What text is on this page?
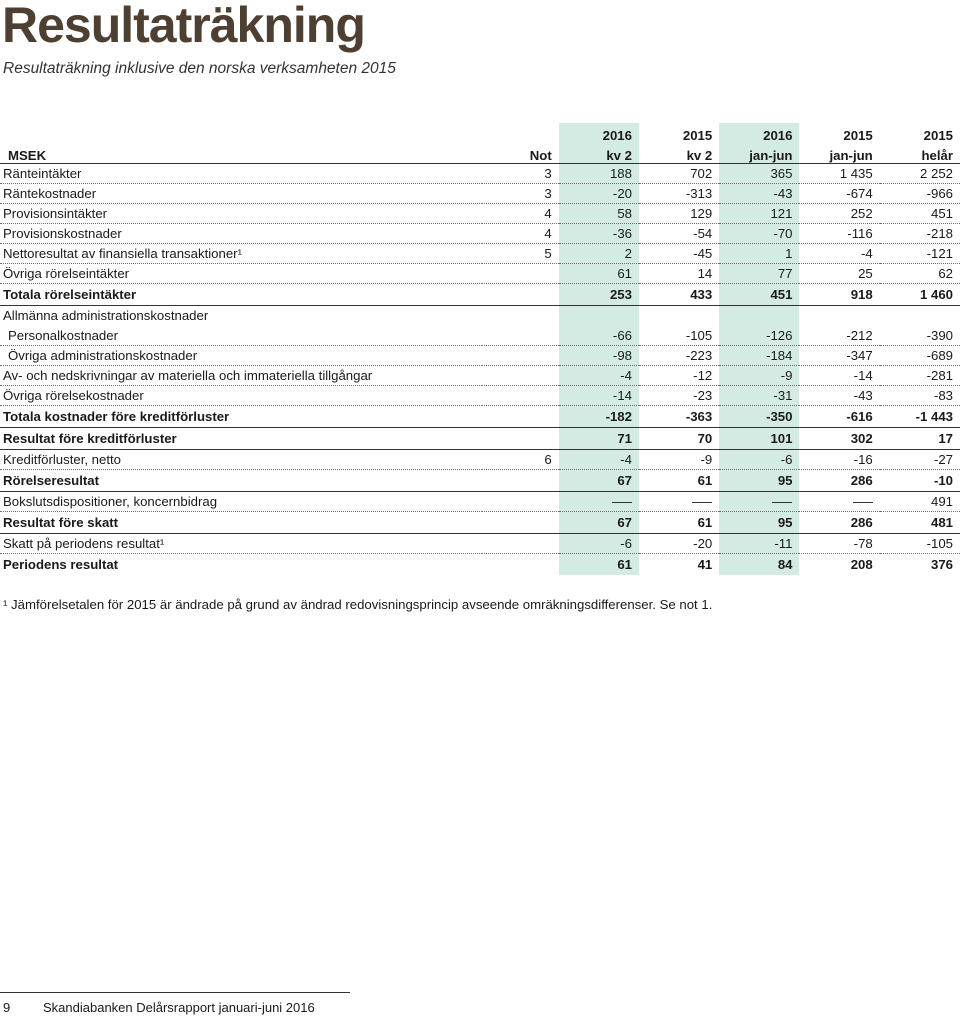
Resultaträkning
Resultaträkning inklusive den norska verksamheten 2015
		2016	2015	2016	2015	2015
MSEK	Not	kv 2	kv 2	jan-jun	jan-jun	helår
Ränteintäkter	3	188	702	365	1 435	2 252
Räntekostnader	3	-20	-313	-43	-674	-966
Provisionsintäkter	4	58	129	121	252	451
Provisionskostnader	4	-36	-54	-70	-116	-218
Nettoresultat av finansiella transaktioner¹	5	2	-45	1	-4	-121
Övriga rörelseintäkter		61	14	77	25	62
Totala rörelseintäkter		253	433	451	918	1 460
Allmänna administrationskostnader						
Personalkostnader		-66	-105	-126	-212	-390
Övriga administrationskostnader		-98	-223	-184	-347	-689
Av- och nedskrivningar av materiella och immateriella tillgångar		-4	-12	-9	-14	-281
Övriga rörelsekostnader		-14	-23	-31	-43	-83
Totala kostnader före kreditförluster		-182	-363	-350	-616	-1 443
Resultat före kreditförluster		71	70	101	302	17
Kreditförluster, netto	6	-4	-9	-6	-16	-27
Rörelseresultat		67	61	95	286	-10
Bokslutsdispositioner, koncernbidrag						491
Resultat före skatt		67	61	95	286	481
Skatt på periodens resultat¹		-6	-20	-11	-78	-105
Periodens resultat		61	41	84	208	376
¹ Jämförelsetalen för 2015 är ändrade på grund av ändrad redovisningsprincip avseende omräkningsdifferenser. Se not 1.
9	Skandiabanken Delårsrapport januari-juni 2016
